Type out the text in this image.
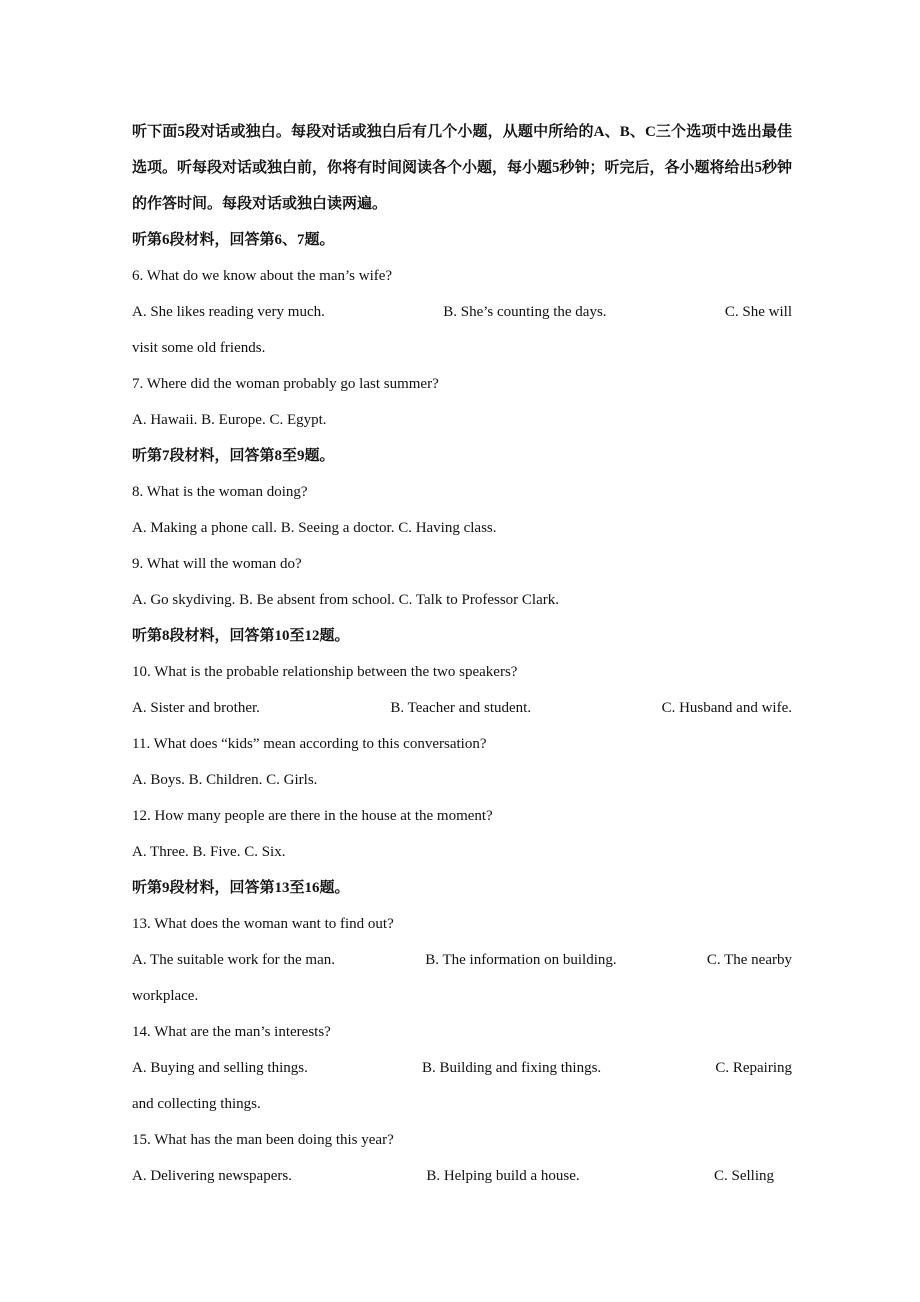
听下面5段对话或独白。每段对话或独白后有几个小题，从题中所给的A、B、C三个选项中选出最佳选项。听每段对话或独白前，你将有时间阅读各个小题，每小题5秒钟；听完后，各小题将给出5秒钟的作答时间。每段对话或独白读两遍。
听第6段材料，回答第6、7题。
6. What do we know about the man’s wife?
A. She likes reading very much.	B. She’s counting the days.	C. She will
visit some old friends.
7. Where did the woman probably go last summer?
A. Hawaii. B. Europe. C. Egypt.
听第7段材料，回答第8至9题。
8. What is the woman doing?
A. Making a phone call. B. Seeing a doctor. C. Having class.
9. What will the woman do?
A. Go skydiving. B. Be absent from school. C. Talk to Professor Clark.
听第8段材料，回答第10至12题。
10. What is the probable relationship between the two speakers?
A. Sister and brother.	B. Teacher and student.	C. Husband and wife.
11. What does “kids” mean according to this conversation?
A. Boys. B. Children. C. Girls.
12. How many people are there in the house at the moment?
A. Three. B. Five. C. Six.
听第9段材料，回答第13至16题。
13. What does the woman want to find out?
A. The suitable work for the man.	B. The information on building.	C. The nearby
workplace.
14. What are the man’s interests?
A. Buying and selling things.	B. Building and fixing things.	C. Repairing
and collecting things.
15. What has the man been doing this year?
A. Delivering newspapers.	B. Helping build a house.	C. Selling
